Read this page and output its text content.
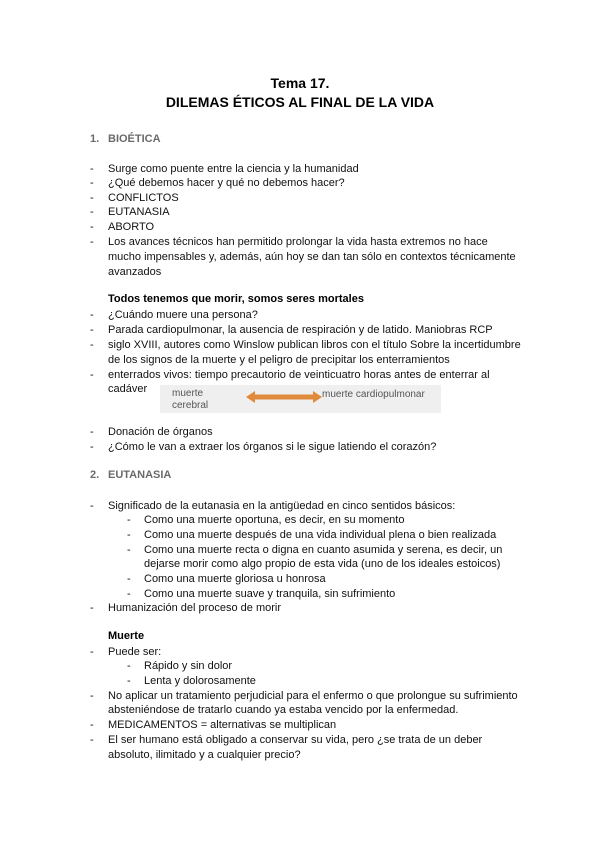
Tema 17.
DILEMAS ÉTICOS AL FINAL DE LA VIDA
1. BIOÉTICA
- Surge como puente entre la ciencia y la humanidad
- ¿Qué debemos hacer y qué no debemos hacer?
- CONFLICTOS
- EUTANASIA
- ABORTO
- Los avances técnicos han permitido prolongar la vida hasta extremos no hace
mucho impensables y, además, aún hoy se dan tan sólo en contextos técnicamente
avanzados
Todos tenemos que morir, somos seres mortales
- ¿Cuándo muere una persona?
- Parada cardiopulmonar, la ausencia de respiración y de latido. Maniobras RCP
- siglo XVIII, autores como Winslow publican libros con el título Sobre la incertidumbre
de los signos de la muerte y el peligro de precipitar los enterramientos
- enterrados vivos: tiempo precautorio de veinticuatro horas antes de enterrar al
cadáver muerte
cerebral
muerte cardiopulmonar
- Donación de órganos
- ¿Cómo le van a extraer los órganos si le sigue latiendo el corazón?
2. EUTANASIA
- Significado de la eutanasia en la antigüedad en cinco sentidos básicos:
- Como una muerte oportuna, es decir, en su momento
- Como una muerte después de una vida individual plena o bien realizada
- Como una muerte recta o digna en cuanto asumida y serena, es decir, un
dejarse morir como algo propio de esta vida (uno de los ideales estoicos)
- Como una muerte gloriosa u honrosa
- Como una muerte suave y tranquila, sin sufrimiento
- Humanización del proceso de morir
Muerte
- Puede ser:
- Rápido y sin dolor
- Lenta y dolorosamente
- No aplicar un tratamiento perjudicial para el enfermo o que prolongue su sufrimiento
absteniéndose de tratarlo cuando ya estaba vencido por la enfermedad.
- MEDICAMENTOS = alternativas se multiplican
- El ser humano está obligado a conservar su vida, pero ¿se trata de un deber
absoluto, ilimitado y a cualquier precio?
